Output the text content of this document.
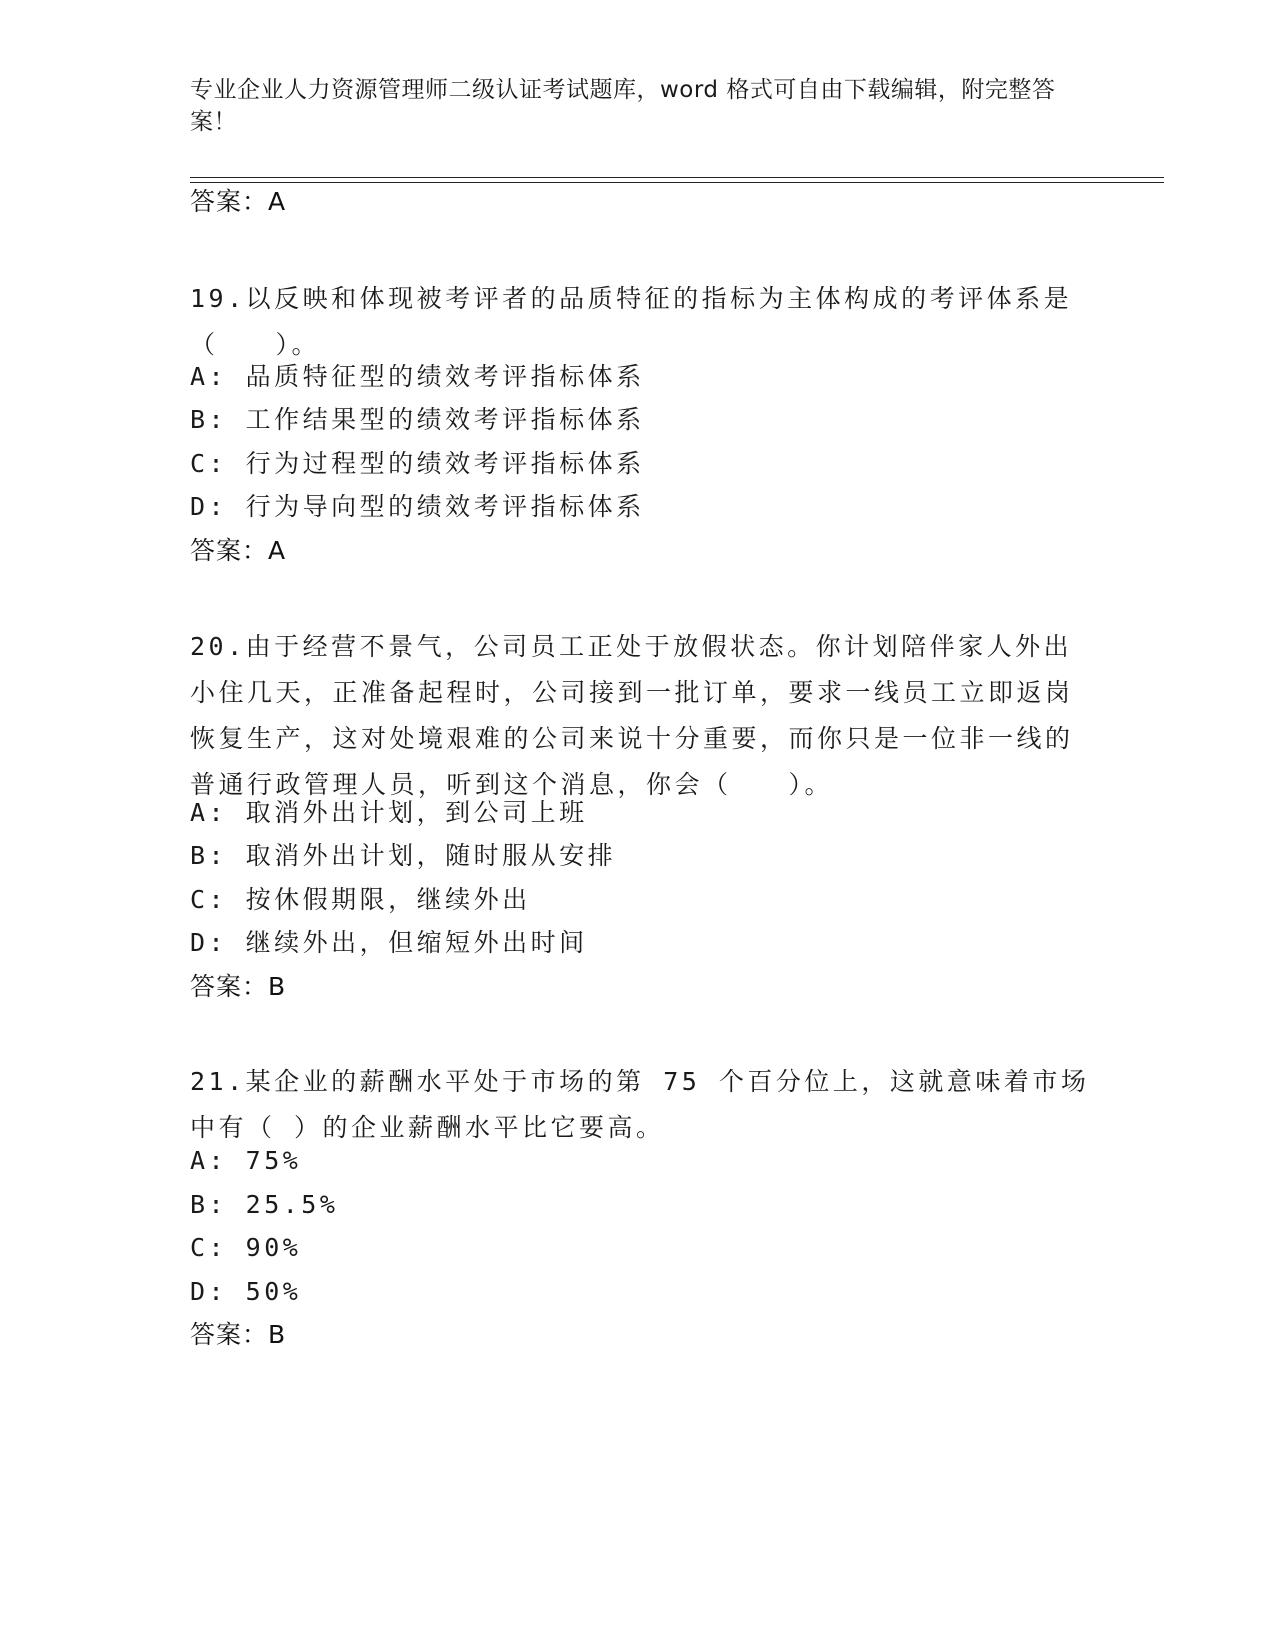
专业企业人力资源管理师二级认证考试题库，word 格式可自由下载编辑，附完整答案！
答案：A
19.以反映和体现被考评者的品质特征的指标为主体构成的考评体系是（　　）。
A: 品质特征型的绩效考评指标体系
B: 工作结果型的绩效考评指标体系
C: 行为过程型的绩效考评指标体系
D: 行为导向型的绩效考评指标体系
答案：A
20.由于经营不景气，公司员工正处于放假状态。你计划陪伴家人外出小住几天，正准备起程时，公司接到一批订单，要求一线员工立即返岗恢复生产，这对处境艰难的公司来说十分重要，而你只是一位非一线的普通行政管理人员，听到这个消息，你会（　　）。
A: 取消外出计划，到公司上班
B: 取消外出计划，随时服从安排
C: 按休假期限，继续外出
D: 继续外出，但缩短外出时间
答案：B
21.某企业的薪酬水平处于市场的第 75 个百分位上，这就意味着市场中有（ ）的企业薪酬水平比它要高。
A: 75%
B: 25.5%
C: 90%
D: 50%
答案：B
